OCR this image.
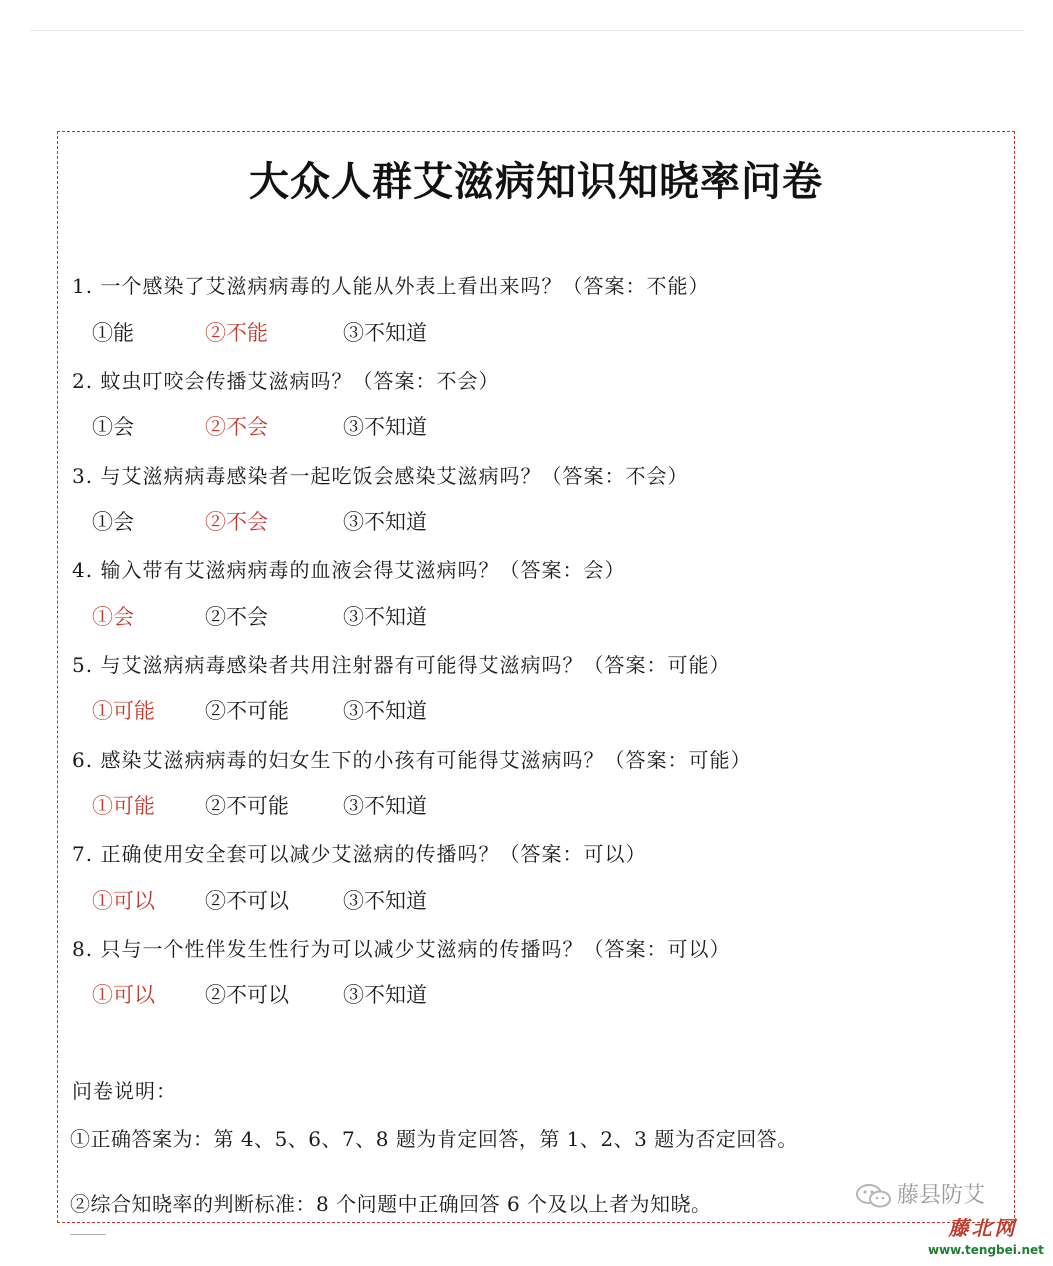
大众人群艾滋病知识知晓率问卷
1. 一个感染了艾滋病病毒的人能从外表上看出来吗？（答案：不能）
①能	②不能	③不知道
2. 蚊虫叮咬会传播艾滋病吗？（答案：不会）
①会	②不会	③不知道
3. 与艾滋病病毒感染者一起吃饭会感染艾滋病吗？（答案：不会）
①会	②不会	③不知道
4. 输入带有艾滋病病毒的血液会得艾滋病吗？（答案：会）
①会	②不会	③不知道
5. 与艾滋病病毒感染者共用注射器有可能得艾滋病吗？（答案：可能）
①可能 ②不可能	③不知道
6. 感染艾滋病病毒的妇女生下的小孩有可能得艾滋病吗？（答案：可能）
①可能 ②不可能	③不知道
7. 正确使用安全套可以减少艾滋病的传播吗？（答案：可以）
①可以 ②不可以	③不知道
8. 只与一个性伴发生性行为可以减少艾滋病的传播吗？（答案：可以）
①可以 ②不可以	③不知道
问卷说明：
①正确答案为：第 4、5、6、7、8 题为肯定回答，第 1、2、3 题为否定回答。
②综合知晓率的判断标准：8 个问题中正确回答 6 个及以上者为知晓。	藤县防艾
藤北网
www.tengbei.net
